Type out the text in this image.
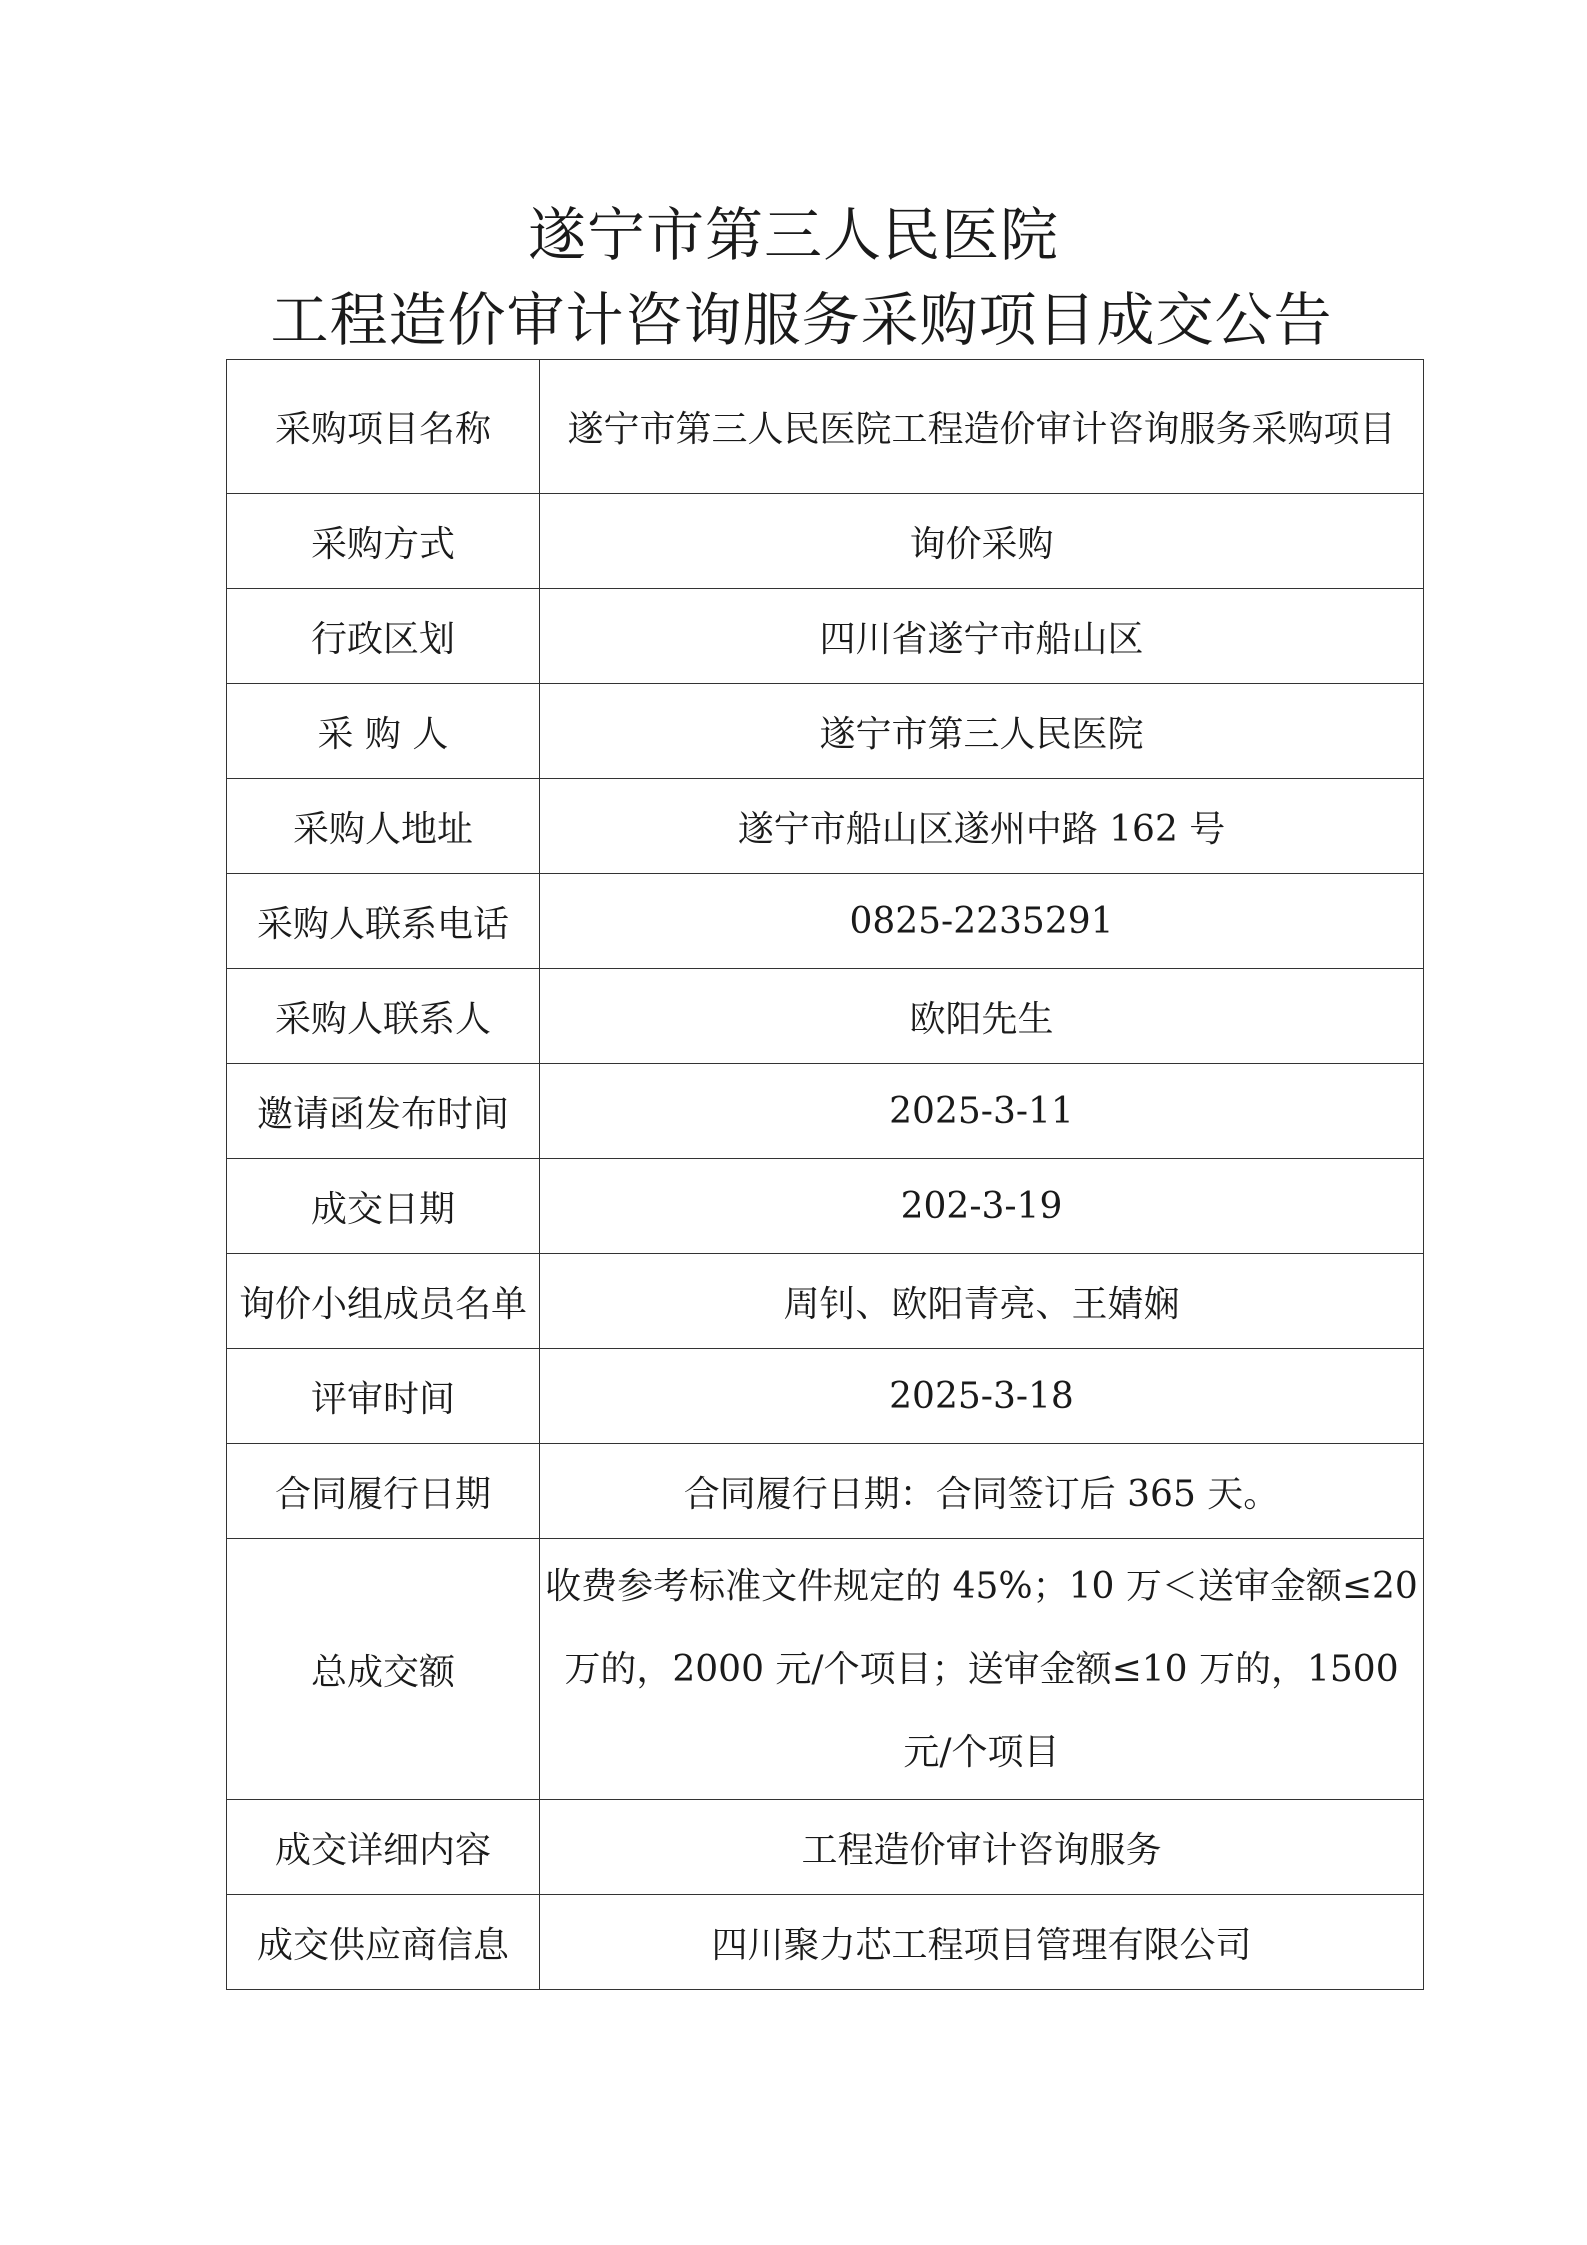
遂宁市第三人民医院
工程造价审计咨询服务采购项目成交公告
采购项目名称	遂宁市第三人民医院工程造价审计咨询服务采购项目
采购方式	询价采购
行政区划	四川省遂宁市船山区
采 购 人	遂宁市第三人民医院
采购人地址	遂宁市船山区遂州中路 162 号
采购人联系电话	0825-2235291
采购人联系人	欧阳先生
邀请函发布时间	2025-3-11
成交日期	202-3-19
询价小组成员名单	周钊、欧阳青亮、王婧娴
评审时间	2025-3-18
合同履行日期	合同履行日期：合同签订后 365 天。
总成交额	收费参考标准文件规定的 45%；10 万＜送审金额≤20 万的，2000 元/个项目；送审金额≤10 万的，1500 元/个项目
成交详细内容	工程造价审计咨询服务
成交供应商信息	四川聚力芯工程项目管理有限公司
